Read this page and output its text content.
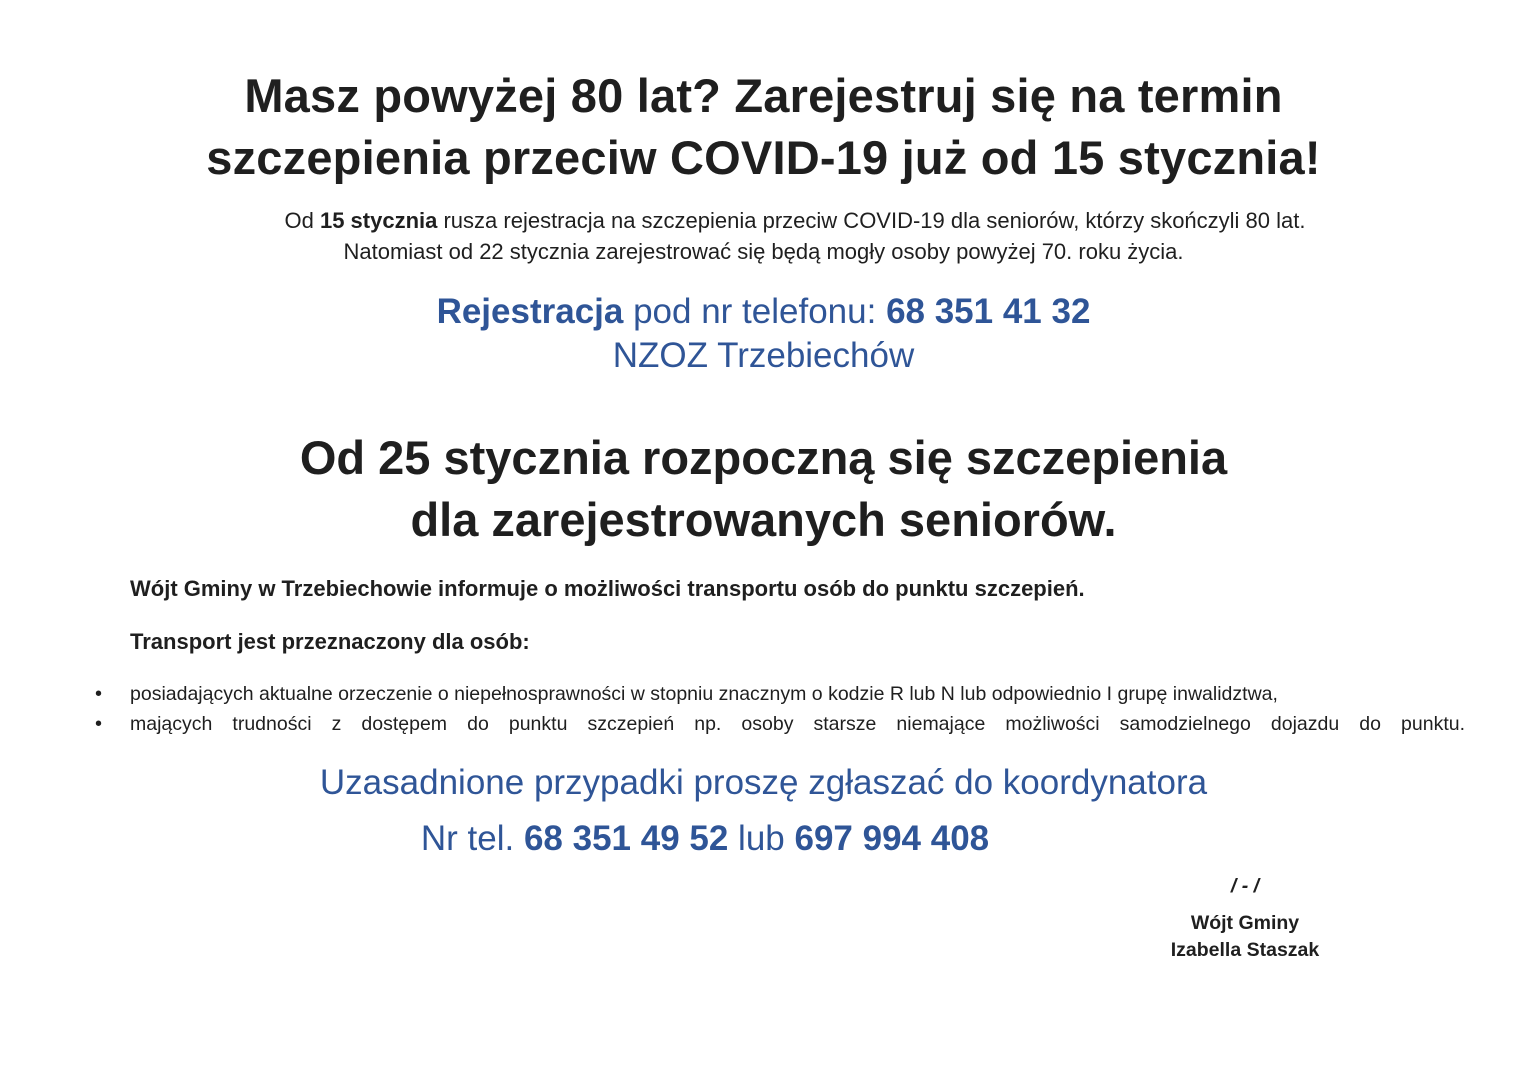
Masz powyżej 80 lat? Zarejestruj się na termin
szczepienia przeciw COVID-19 już od 15 stycznia!
Od 15 stycznia rusza rejestracja na szczepienia przeciw COVID-19 dla seniorów, którzy skończyli 80 lat.
Natomiast od 22 stycznia zarejestrować się będą mogły osoby powyżej 70. roku życia.
Rejestracja pod nr telefonu: 68 351 41 32
NZOZ Trzebiechów
Od 25 stycznia rozpoczną się szczepienia
dla zarejestrowanych seniorów.
Wójt Gminy w Trzebiechowie informuje o możliwości transportu osób do punktu szczepień.
Transport jest przeznaczony dla osób:
• posiadających aktualne orzeczenie o niepełnosprawności w stopniu znacznym o kodzie R lub N lub odpowiednio I grupę inwalidztwa,
• mających trudności z dostępem do punktu szczepień np. osoby starsze niemające możliwości samodzielnego dojazdu do punktu.
Uzasadnione przypadki proszę zgłaszać do koordynatora
Nr tel. 68 351 49 52 lub 697 994 408
/ - /
Wójt Gminy
Izabella Staszak
